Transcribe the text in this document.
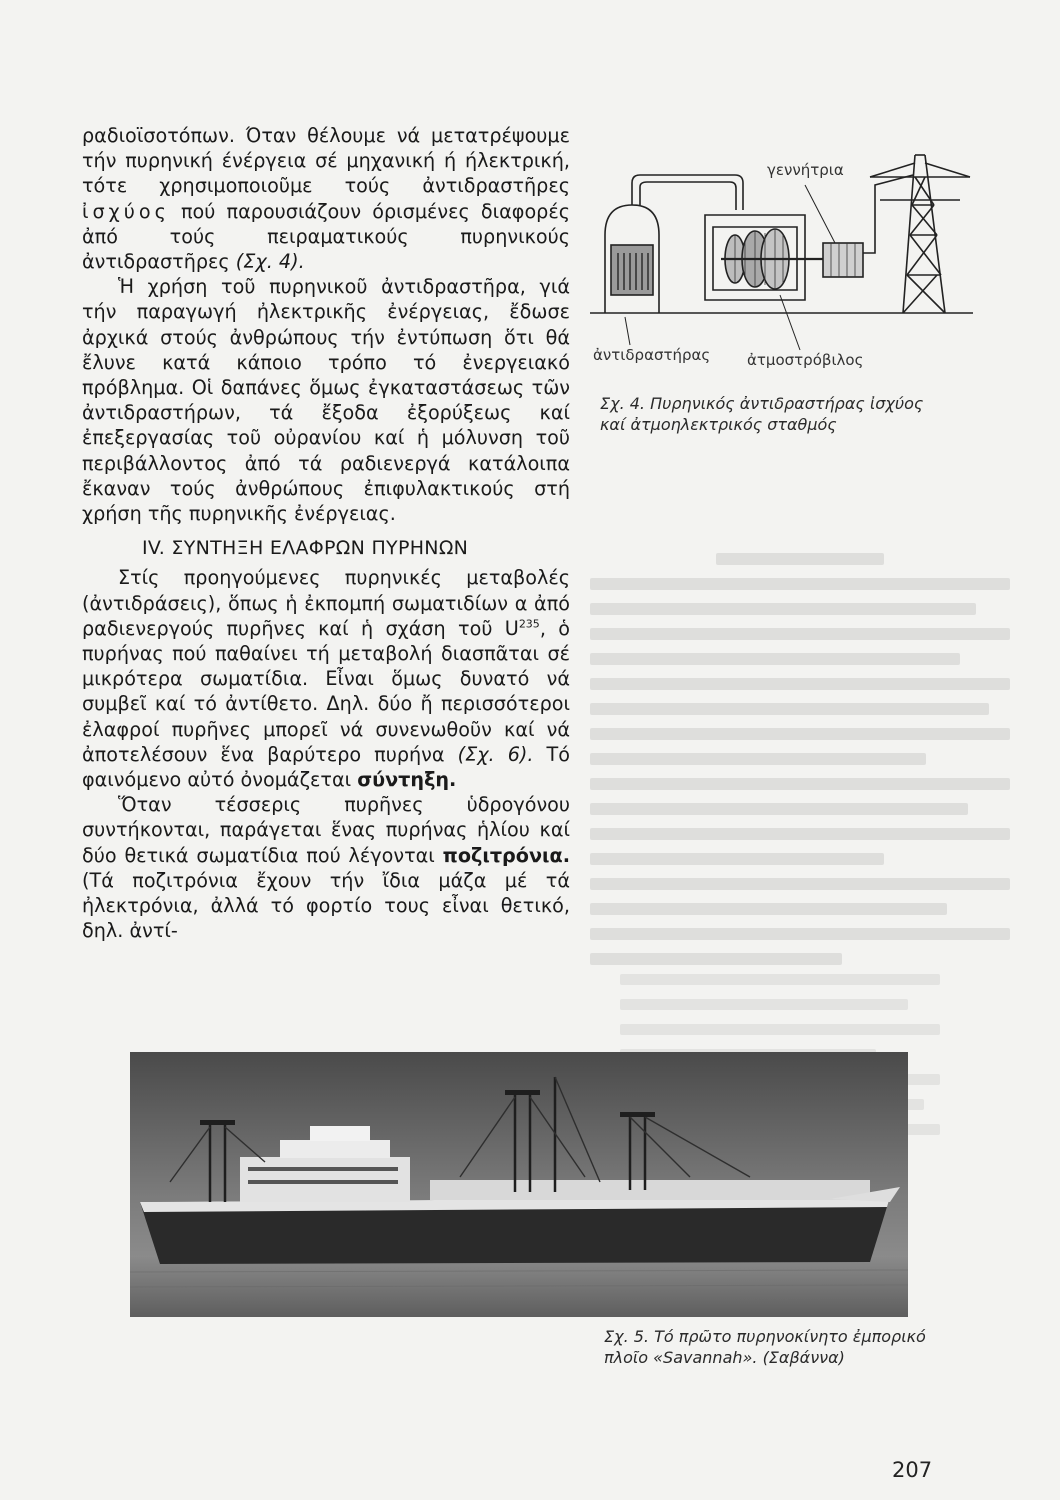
ραδιοϊσοτόπων. Όταν θέλουμε νά μετατρέψουμε τήν πυρηνική ένέργεια σέ μηχανική ή ήλεκτρική, τότε χρησιμοποιοῦμε τούς ἀντιδραστῆρες ἰσχύος πού παρουσιάζουν όρισμένες διαφορές ἀπό τούς πειραματικούς πυρηνικούς ἀντιδραστῆρες (Σχ. 4).

Ἡ χρήση τοῦ πυρηνικοῦ ἀντιδραστῆρα, γιά τήν παραγωγή ἠλεκτρικῆς ἐνέργειας, ἔδωσε ἀρχικά στούς ἀνθρώπους τήν ἐντύπωση ὅτι θά ἔλυνε κατά κάποιο τρόπο τό ἐνεργειακό πρόβλημα. Οἱ δαπάνες ὅμως ἐγκαταστάσεως τῶν ἀντιδραστήρων, τά ἔξοδα ἐξορύξεως καί ἐπεξεργασίας τοῦ οὐρανίου καί ἡ μόλυνση τοῦ περιβάλλοντος ἀπό τά ραδιενεργά κατάλοιπα ἔκαναν τούς ἀνθρώπους ἐπιφυλακτικούς στή χρήση τῆς πυρηνικῆς ἐνέργειας.

IV. ΣΥΝΤΗΞΗ ΕΛΑΦΡΩΝ ΠΥΡΗΝΩΝ

Στίς προηγούμενες πυρηνικές μεταβολές (ἀντιδράσεις), ὅπως ἡ ἐκπομπή σωματιδίων α ἀπό ραδιενεργούς πυρῆνες καί ἡ σχάση τοῦ $U^{235}$, ὁ πυρήνας πού παθαίνει τή μεταβολή διασπᾶται σέ μικρότερα σωματίδια. Εἶναι ὅμως δυνατό νά συμβεῖ καί τό ἀντίθετο. Δηλ. δύο ἤ περισσότεροι ἐλαφροί πυρῆνες μπορεῖ νά συνενωθοῦν καί νά ἀποτελέσουν ἕνα βαρύτερο πυρήνα (Σχ. 6). Τό φαινόμενο αὐτό ὀνομάζεται σύντηξη.

Ὅταν τέσσερις πυρῆνες ὑδρογόνου συντήκονται, παράγεται ἕνας πυρήνας ἡλίου καί δύο θετικά σωματίδια πού λέγονται ποζιτρόνια. (Τά ποζιτρόνια ἔχουν τήν ἴδια μάζα μέ τά ἠλεκτρόνια, ἀλλά τό φορτίο τους εἶναι θετικό, δηλ. ἀντί-

γεννήτρια
ἀντιδραστήρας ἀτμοστρόβιλος
Σχ. 4. Πυρηνικός ἀντιδραστήρας ἰσχύος καί ἀτμοηλεκτρικός σταθμός
Σχ. 5. Τό πρῶτο πυρηνοκίνητο ἐμπορικό πλοῖο «Savannah». (Σαβάννα)
207
